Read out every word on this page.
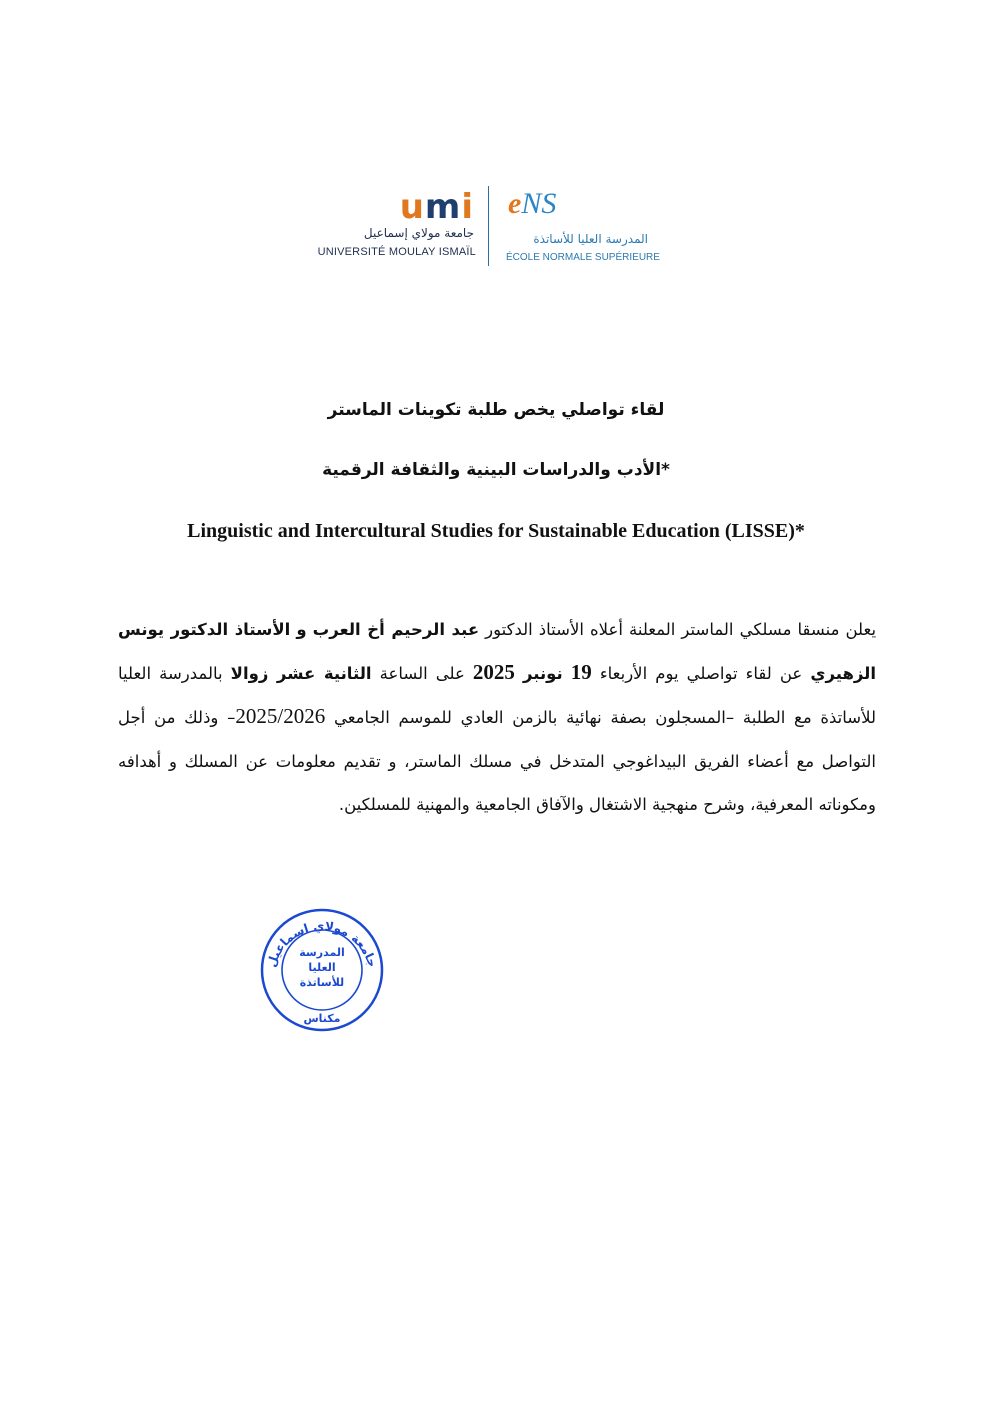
umi
جامعة مولاي إسماعيل
UNIVERSITÉ MOULAY ISMAÏL
eNS
المدرسة العليا للأساتذة
ÉCOLE NORMALE SUPÉRIEURE
لقاء تواصلي يخص طلبة تكوينات الماستر
*الأدب والدراسات البينية والثقافة الرقمية
Linguistic and Intercultural Studies for Sustainable Education (LISSE)*
يعلن منسقا مسلكي الماستر المعلنة أعلاه الأستاذ الدكتور عبد الرحيم أخ العرب و الأستاذ الدكتور يونس الزهيري عن لقاء تواصلي يوم الأربعاء 19 نونبر 2025 على الساعة الثانية عشر زوالا بالمدرسة العليا للأساتذة مع الطلبة –المسجلون بصفة نهائية بالزمن العادي للموسم الجامعي 2025/2026– وذلك من أجل التواصل مع أعضاء الفريق البيداغوجي المتدخل في مسلك الماستر، و تقديم معلومات عن المسلك و أهدافه ومكوناته المعرفية، وشرح منهجية الاشتغال والآفاق الجامعية والمهنية للمسلكين.
جامعة مولاي اسماعيل
المدرسة
العليا
للأساتذة
مكناس
